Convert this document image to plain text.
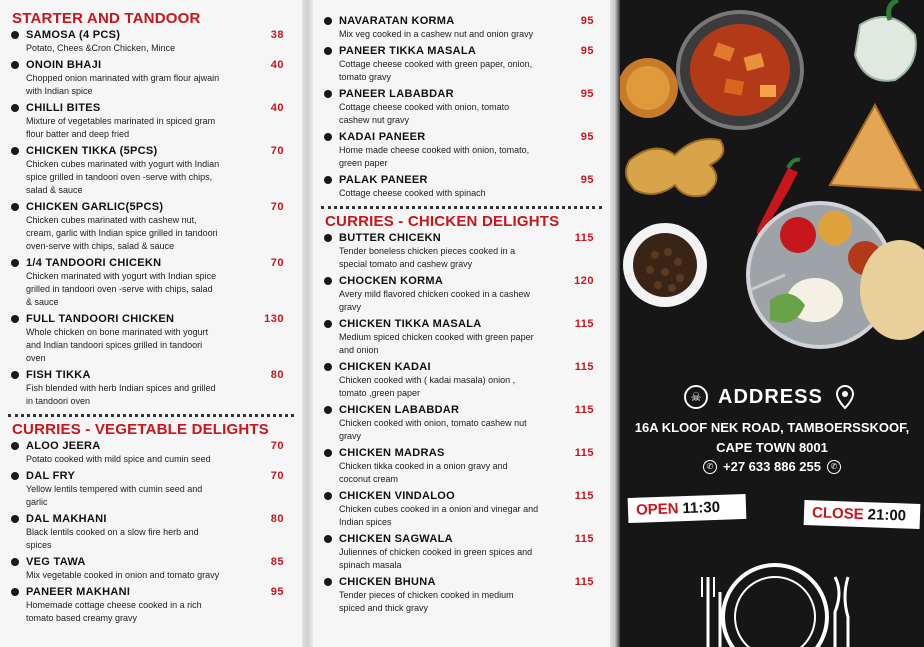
STARTER AND TANDOOR
SAMOSA (4 PCS)
Potato, Chees &Cron Chicken, Mince
38
ONOIN BHAJI
Chopped onion marinated with gram flour ajwain with Indian spice
40
CHILLI BITES
Mixture of vegetables marinated in spiced gram flour batter and deep fried
40
CHICKEN TIKKA (5PCS)
Chicken cubes marinated with yogurt with Indian spice grilled in tandoori oven -serve with chips, salad & sauce
70
CHICKEN GARLIC(5PCS)
Chicken cubes marinated with cashew nut, cream, garlic with Indian spice grilled in tandoori oven-serve with chips, salad & sauce
70
1/4 TANDOORI CHICEKN
Chicken marinated with yogurt with Indian spice grilled in tandoori oven -serve with chips, salad & sauce
70
FULL TANDOORI CHICKEN
Whole chicken on bone marinated with yogurt and Indian tandoori spices grilled in tandoori oven
130
FISH TIKKA
Fish blended with herb Indian spices and grilled in tandoori oven
80
CURRIES - VEGETABLE DELIGHTS
ALOO JEERA
Potato cooked with mild spice and cumin seed
70
DAL FRY
Yellow lentils tempered with cumin seed and garlic
70
DAL MAKHANI
Black lentils cooked on a slow fire herb and spices
80
VEG TAWA
Mix vegetable cooked in onion and tomato gravy
85
PANEER MAKHANI
Homemade cottage cheese cooked in a rich tomato based creamy gravy
95
NAVARATAN KORMA
Mix veg cooked in a cashew nut and onion gravy
95
PANEER TIKKA MASALA
Cottage cheese cooked with green paper, onion, tomato gravy
95
PANEER LABABDAR
Cottage cheese cooked with onion, tomato cashew nut gravy
95
KADAI PANEER
Home made cheese cooked with onion, tomato, green paper
95
PALAK PANEER
Cottage cheese cooked with spinach
95
CURRIES - CHICKEN DELIGHTS
BUTTER CHICEKN
Tender boneless chicken pieces cooked in a special tomato and cashew gravy
115
CHOCKEN KORMA
Avery mild flavored chicken cooked in a cashew gravy
120
CHICKEN TIKKA MASALA
Medium spiced chicken cooked with green paper and onion
115
CHICKEN KADAI
Chicken cooked with ( kadai masala) onion , tomato ,green paper
115
CHICKEN LABABDAR
Chicken cooked with onion, tomato cashew nut gravy
115
CHICKEN MADRAS
Chicken tikka cooked in a onion gravy and coconut cream
115
CHICKEN VINDALOO
Chicken cubes cooked in a onion and vinegar and Indian spices
115
CHICKEN SAGWALA
Juliennes of chicken cooked in green spices and spinach masala
115
CHICKEN BHUNA
Tender pieces of chicken cooked in medium spiced and thick gravy
115
☠ ADDRESS
16A KLOOF NEK ROAD, TAMBOERSSKOOF,
CAPE TOWN 8001
✆ +27 633 886 255	✆
OPEN 11:30	CLOSE 21:00
